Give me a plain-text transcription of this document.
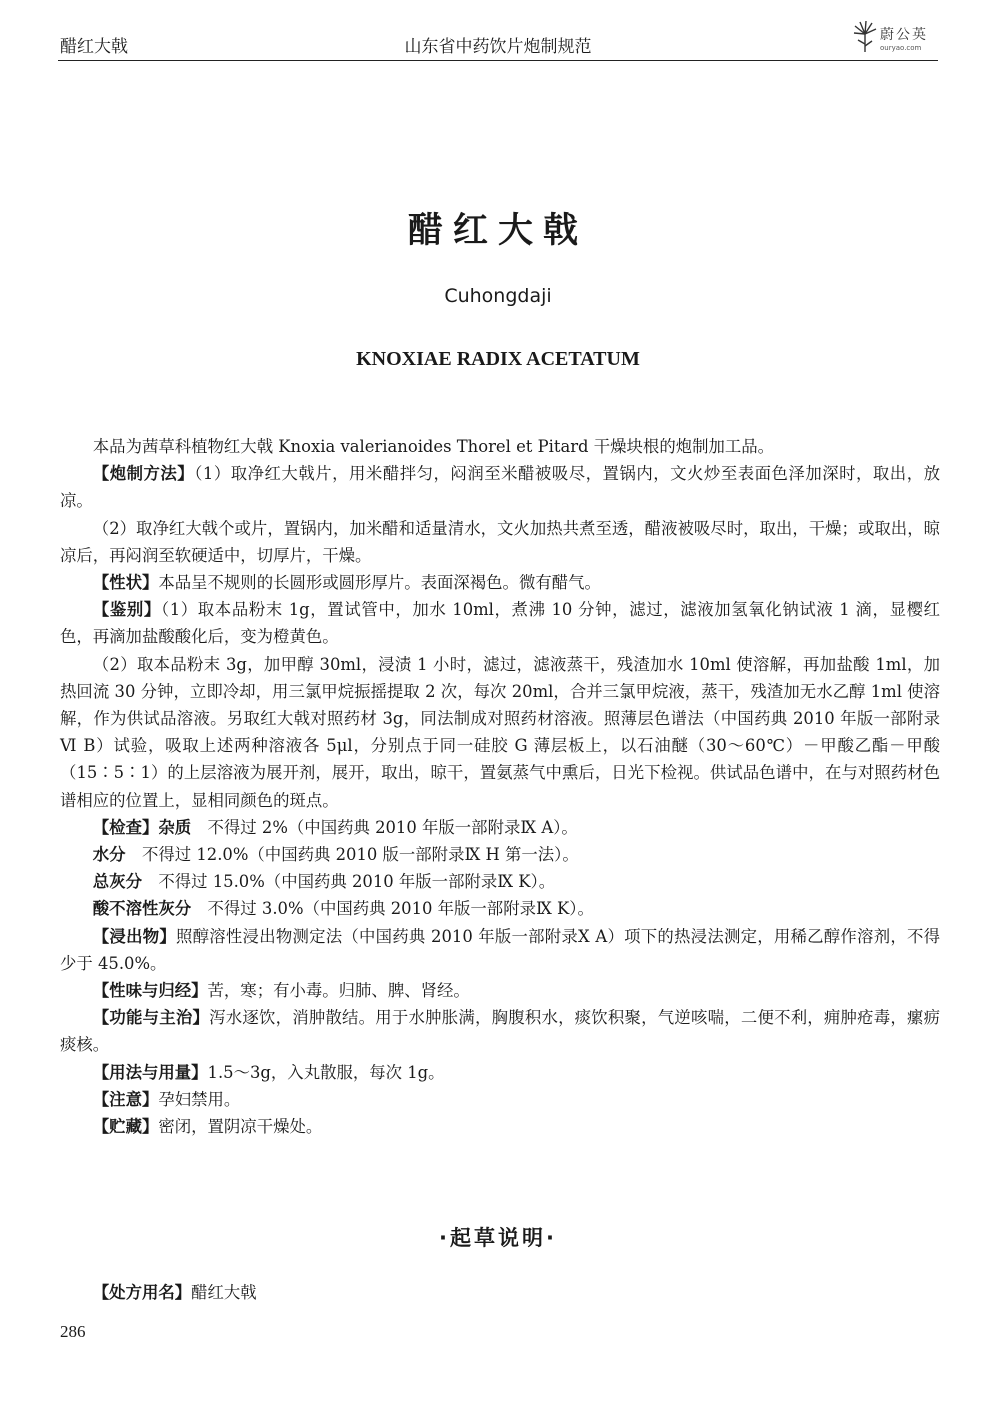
醋红大戟	山东省中药饮片炮制规范
蔚公英
ouryao.com
醋红大戟
Cuhongdaji
KNOXIAE RADIX ACETATUM

本品为茜草科植物红大戟 Knoxia valerianoides Thorel et Pitard 干燥块根的炮制加工品。

【炮制方法】（1）取净红大戟片，用米醋拌匀，闷润至米醋被吸尽，置锅内，文火炒至表面色泽加深时，取出，放凉。

（2）取净红大戟个或片，置锅内，加米醋和适量清水，文火加热共煮至透，醋液被吸尽时，取出，干燥；或取出，晾凉后，再闷润至软硬适中，切厚片，干燥。

【性状】本品呈不规则的长圆形或圆形厚片。表面深褐色。微有醋气。

【鉴别】（1）取本品粉末 1g，置试管中，加水 10ml，煮沸 10 分钟，滤过，滤液加氢氧化钠试液 1 滴，显樱红色，再滴加盐酸酸化后，变为橙黄色。

（2）取本品粉末 3g，加甲醇 30ml，浸渍 1 小时，滤过，滤液蒸干，残渣加水 10ml 使溶解，再加盐酸 1ml，加热回流 30 分钟，立即冷却，用三氯甲烷振摇提取 2 次，每次 20ml，合并三氯甲烷液，蒸干，残渣加无水乙醇 1ml 使溶解，作为供试品溶液。另取红大戟对照药材 3g，同法制成对照药材溶液。照薄层色谱法（中国药典 2010 年版一部附录Ⅵ B）试验，吸取上述两种溶液各 5μl，分别点于同一硅胶 G 薄层板上，以石油醚（30～60℃）－甲酸乙酯－甲酸（15∶5∶1）的上层溶液为展开剂，展开，取出，晾干，置氨蒸气中熏后，日光下检视。供试品色谱中，在与对照药材色谱相应的位置上，显相同颜色的斑点。

【检查】杂质　不得过 2%（中国药典 2010 年版一部附录Ⅸ A）。

水分　不得过 12.0%（中国药典 2010 版一部附录Ⅸ H 第一法）。

总灰分　不得过 15.0%（中国药典 2010 年版一部附录Ⅸ K）。

酸不溶性灰分　不得过 3.0%（中国药典 2010 年版一部附录Ⅸ K）。

【浸出物】照醇溶性浸出物测定法（中国药典 2010 年版一部附录Ⅹ A）项下的热浸法测定，用稀乙醇作溶剂，不得少于 45.0%。

【性味与归经】苦，寒；有小毒。归肺、脾、肾经。

【功能与主治】泻水逐饮，消肿散结。用于水肿胀满，胸腹积水，痰饮积聚，气逆咳喘，二便不利，痈肿疮毒，瘰疬痰核。

【用法与用量】1.5～3g，入丸散服，每次 1g。

【注意】孕妇禁用。

【贮藏】密闭，置阴凉干燥处。

·起草说明·

【处方用名】醋红大戟

286
